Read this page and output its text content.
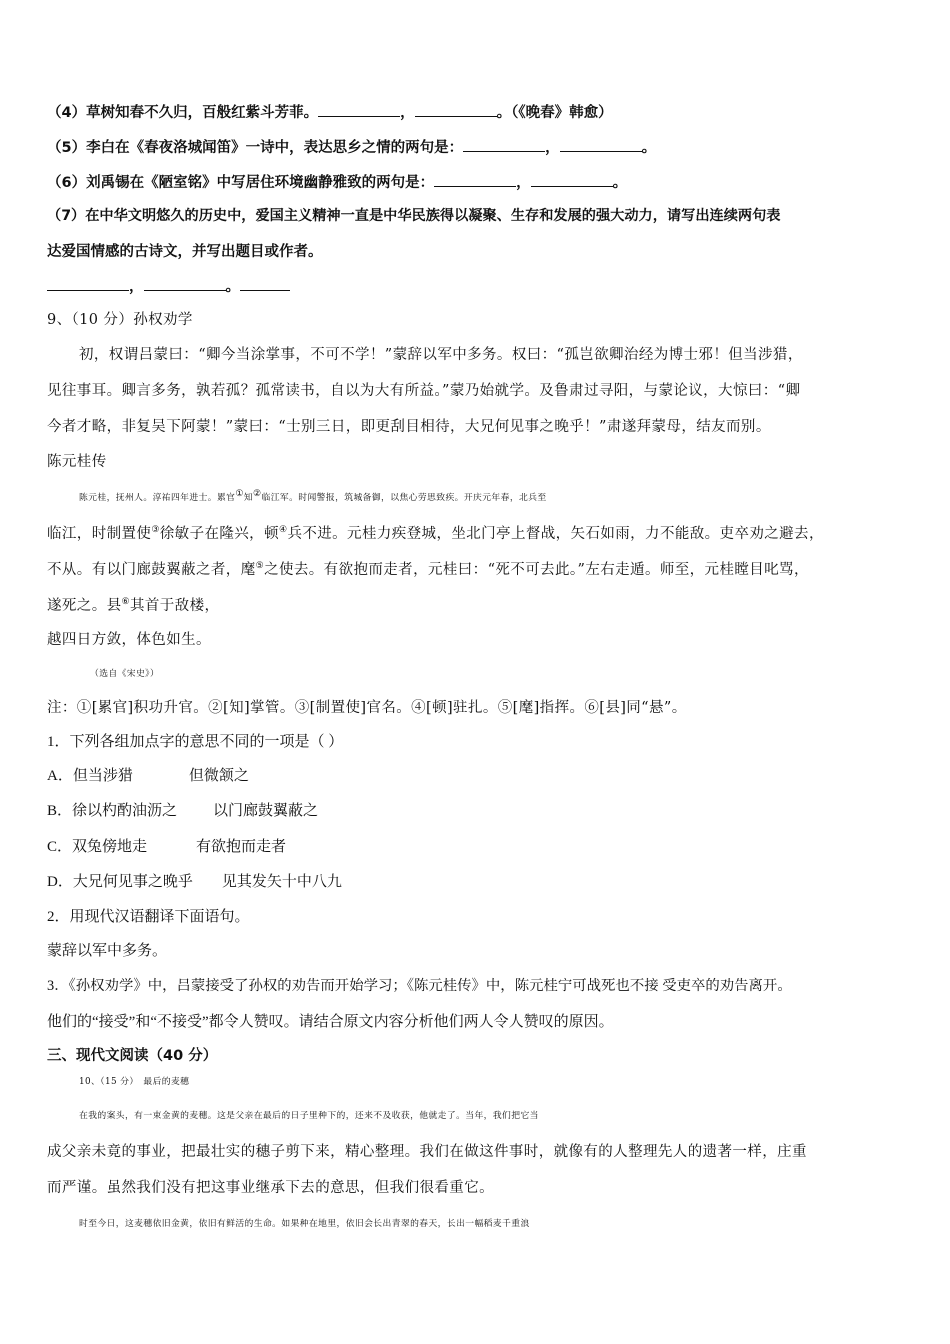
（4）草树知春不久归，百般红紫斗芳菲。	，	。（《晚春》韩愈）
（5）李白在《春夜洛城闻笛》一诗中，表达思乡之情的两句是：	，	。
（6）刘禹锡在《陋室铭》中写居住环境幽静雅致的两句是：	，	。
（7）在中华文明悠久的历史中，爱国主义精神一直是中华民族得以凝聚、生存和发展的强大动力，请写出连续两句表
达爱国情感的古诗文，并写出题目或作者。
，	。
9、（10 分）孙权劝学
初，权谓吕蒙曰：“卿今当涂掌事，不可不学！”蒙辞以军中多务。权曰：“孤岂欲卿治经为博士邪！但当涉猎，
见往事耳。卿言多务，孰若孤？孤常读书，自以为大有所益。”蒙乃始就学。及鲁肃过寻阳，与蒙论议，大惊曰：“卿
今者才略，非复吴下阿蒙！”蒙曰：“士别三日，即更刮目相待，大兄何见事之晚乎！”肃遂拜蒙母，结友而别。
陈元桂传
陈元桂，抚州人。淳祐四年进士。累官①知②临江军。时闻警报，筑城备御，以焦心劳思致疾。开庆元年春，北兵至
临江，时制置使③徐敏子在隆兴，顿④兵不进。元桂力疾登城，坐北门亭上督战，矢石如雨，力不能敌。吏卒劝之避去，
不从。有以门廊鼓翼蔽之者，麾⑤之使去。有欲抱而走者，元桂曰：“死不可去此。”左右走遁。师至，元桂瞠目叱骂，
遂死之。县⑥其首于敌楼，
越四日方敛，体色如生。
（选自《宋史》）
注：①[累官]积功升官。②[知]掌管。③[制置使]官名。④[顿]驻扎。⑤[麾]指挥。⑥[县]同“悬”。
1．下列各组加点字的意思不同的一项是（ ）
A．但当涉猎	但微颔之
B．徐以杓酌油沥之 以门廊鼓翼蔽之
C．双兔傍地走	有欲抱而走者
D．大兄何见事之晚乎 见其发矢十中八九
2．用现代汉语翻译下面语句。
蒙辞以军中多务。
3．《孙权劝学》中，吕蒙接受了孙权的劝告而开始学习；《陈元桂传》中，陈元桂宁可战死也不接 受吏卒的劝告离开。
他们的“接受”和“不接受”都令人赞叹。请结合原文内容分析他们两人令人赞叹的原因。
三、现代文阅读（40 分）
10、（15 分）　最后的麦穗
在我的案头，有一束金黄的麦穗。这是父亲在最后的日子里种下的，还来不及收获，他就走了。当年，我们把它当
成父亲未竟的事业，把最壮实的穗子剪下来，精心整理。我们在做这件事时，就像有的人整理先人的遗著一样，庄重
而严谨。虽然我们没有把这事业继承下去的意思，但我们很看重它。
时至今日，这麦穗依旧金黄，依旧有鲜活的生命。如果种在地里，依旧会长出青翠的春天，长出一幅稻麦千重浪
